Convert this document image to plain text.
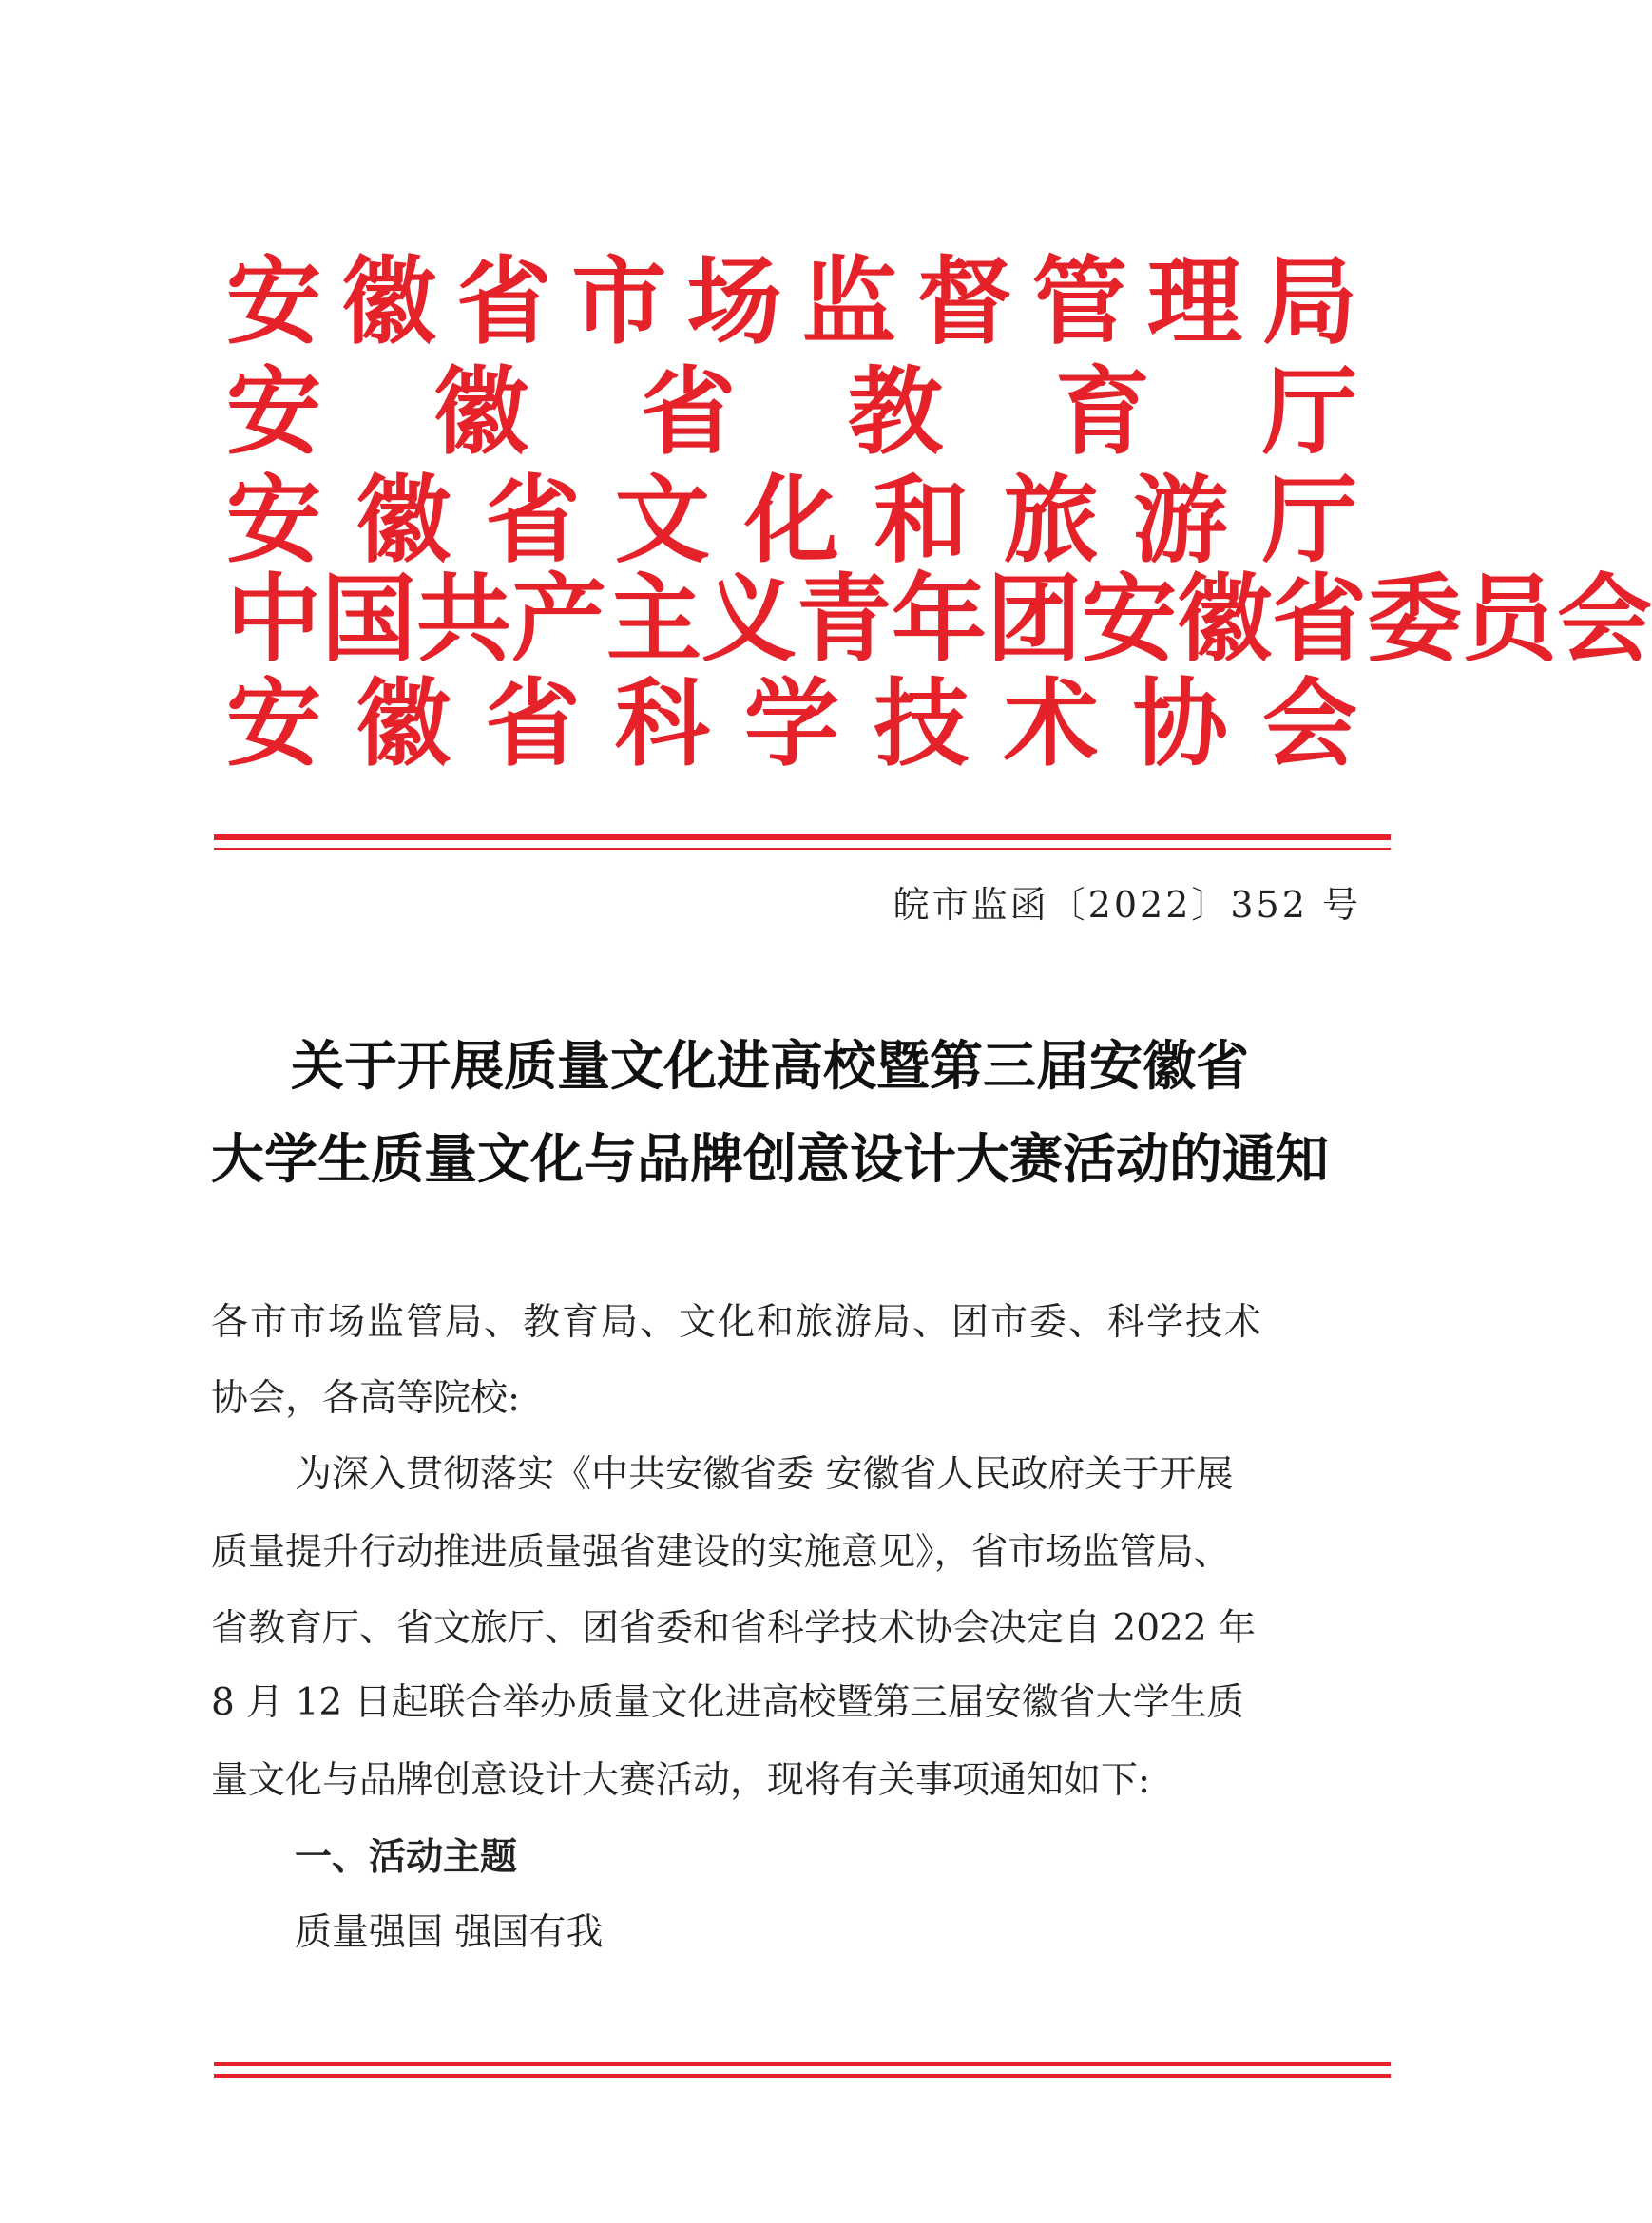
安 徽 省 市 场 监 督 管 理 局
安 徽 省 教 育 厅
安 徽 省 文 化 和 旅 游 厅
中 国 共 产 主 义 青 年 团 安 徽 省 委 员 会
安 徽 省 科 学 技 术 协 会
皖市监函〔2022〕352 号
关于开展质量文化进高校暨第三届安徽省
大学生质量文化与品牌创意设计大赛活动的通知
各市市场监管局、教育局、文化和旅游局、团市委、科学技术
协会，各高等院校:
为深入贯彻落实《中共安徽省委 安徽省人民政府关于开展
质量提升行动推进质量强省建设的实施意见》，省市场监管局、
省教育厅、省文旅厅、团省委和省科学技术协会决定自 2022 年
8 月 12 日起联合举办质量文化进高校暨第三届安徽省大学生质
量文化与品牌创意设计大赛活动，现将有关事项通知如下:
一、活动主题
质量强国 强国有我
